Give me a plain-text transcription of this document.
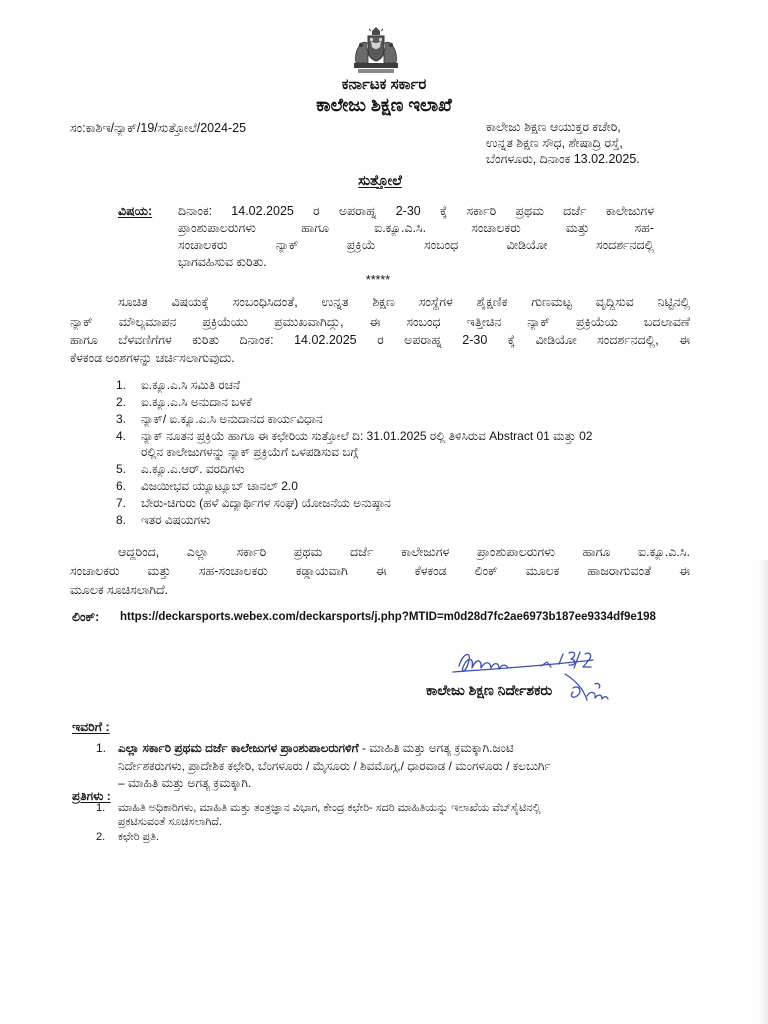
ಕರ್ನಾಟಕ ಸರ್ಕಾರ
ಕಾಲೇಜು ಶಿಕ್ಷಣ ಇಲಾಖೆ
ಸಂ:ಕಾಶಿಇ/ನ್ಯಾಕ್/19/ಸುತ್ತೋಲೆ/2024-25	ಕಾಲೇಜು ಶಿಕ್ಷಣ ಆಯುಕ್ತರ ಕಚೇರಿ,
ಉನ್ನತ ಶಿಕ್ಷಣ ಸೌಧ, ಶೇಷಾದ್ರಿ ರಸ್ತೆ,
ಬೆಂಗಳೂರು, ದಿನಾಂಕ 13.02.2025.
ಸುತ್ತೋಲೆ
ವಿಷಯ:	ದಿನಾಂಕ: 14.02.2025 ರ ಅಪರಾಹ್ನ 2-30 ಕ್ಕೆ ಸರ್ಕಾರಿ ಪ್ರಥಮ ದರ್ಜೆ ಕಾಲೇಜುಗಳ
ಪ್ರಾಂಶುಪಾಲರುಗಳು ಹಾಗೂ ಐ.ಕ್ಯೂ.ಎ.ಸಿ. ಸಂಚಾಲಕರು ಮತ್ತು ಸಹ-
ಸಂಚಾಲಕರು ನ್ಯಾಕ್ ಪ್ರಕ್ರಿಯೆ ಸಂಬಂಧ ವೀಡಿಯೋ ಸಂದರ್ಶನದಲ್ಲಿ
ಭಾಗವಹಿಸುವ ಕುರಿತು.
*****
ಸೂಚಿತ ವಿಷಯಕ್ಕೆ ಸಂಬಂಧಿಸಿದಂತೆ, ಉನ್ನತ ಶಿಕ್ಷಣ ಸಂಸ್ಥೆಗಳ ಶೈಕ್ಷಣಿಕ ಗುಣಮಟ್ಟ ವೃದ್ಧಿಸುವ ನಿಟ್ಟಿನಲ್ಲಿ
ನ್ಯಾಕ್ ಮೌಲ್ಯಮಾಪನ ಪ್ರಕ್ರಿಯೆಯು ಪ್ರಮುಖವಾಗಿದ್ದು, ಈ ಸಂಬಂಧ ಇತ್ತೀಚಿನ ನ್ಯಾಕ್ ಪ್ರಕ್ರಿಯೆಯ ಬದಲಾವಣೆ
ಹಾಗೂ ಬೆಳವಣಿಗೆಗಳ ಕುರಿತು ದಿನಾಂಕ: 14.02.2025 ರ ಅಪರಾಹ್ನ 2-30 ಕ್ಕೆ ವೀಡಿಯೋ ಸಂದರ್ಶನದಲ್ಲಿ, ಈ
ಕೆಳಕಂಡ ಅಂಶಗಳನ್ನು ಚರ್ಚಿಸಲಾಗುವುದು.
1.	ಐ.ಕ್ಯೂ.ಎ.ಸಿ ಸಮಿತಿ ರಚನೆ
2.	ಐ.ಕ್ಯೂ.ಎ.ಸಿ ಅನುದಾನ ಬಳಕೆ
3.	ನ್ಯಾಕ್/ ಐ.ಕ್ಯೂ.ಎ.ಸಿ ಅನುದಾನದ ಕಾರ್ಯವಿಧಾನ
4.	ನ್ಯಾಕ್ ನೂತನ ಪ್ರಕ್ರಿಯೆ ಹಾಗೂ ಈ ಕಛೇರಿಯ ಸುತ್ತೋಲೆ ದಿ: 31.01.2025 ರಲ್ಲಿ ತಿಳಿಸಿರುವ Abstract 01 ಮತ್ತು 02
ರಲ್ಲಿನ ಕಾಲೇಜುಗಳನ್ನು ನ್ಯಾಕ್ ಪ್ರಕ್ರಿಯೆಗೆ ಒಳಪಡಿಸುವ ಬಗ್ಗೆ
5.	ಎ.ಕ್ಯೂ.ಎ.ಆರ್. ವರದಿಗಳು
6.	ವಿಜಯೀಭವ ಯ್ಯೂಟ್ಯೂಬ್ ಚಾನಲ್ 2.0
7.	ಬೇರು-ಚಿಗುರು (ಹಳೆ ವಿದ್ಯಾರ್ಥಿಗಳ ಸಂಘ) ಯೋಜನೆಯ ಅನುಷ್ಠಾನ
8.	ಇತರ ವಿಷಯಗಳು
ಆದ್ದರಿಂದ, ಎಲ್ಲಾ ಸರ್ಕಾರಿ ಪ್ರಥಮ ದರ್ಜೆ ಕಾಲೇಜುಗಳ ಪ್ರಾಂಶುಪಾಲರುಗಳು ಹಾಗೂ ಐ.ಕ್ಯೂ.ಎ.ಸಿ.
ಸಂಚಾಲಕರು ಮತ್ತು ಸಹ-ಸಂಚಾಲಕರು ಕಡ್ಡಾಯವಾಗಿ ಈ ಕೆಳಕಂಡ ಲಿಂಕ್ ಮೂಲಕ ಹಾಜರಾಗುವಂತೆ ಈ
ಮೂಲಕ ಸೂಚಿಸಲಾಗಿದೆ.
ಲಿಂಕ್:	https://deckarsports.webex.com/deckarsports/j.php?MTID=m0d28d7fc2ae6973b187ee9334df9e198
ಕಾಲೇಜು ಶಿಕ್ಷಣ ನಿರ್ದೇಶಕರು
ಇವರಿಗೆ :
1. ಎಲ್ಲಾ ಸರ್ಕಾರಿ ಪ್ರಥಮ ದರ್ಜೆ ಕಾಲೇಜುಗಳ ಪ್ರಾಂಶುಪಾಲರುಗಳಿಗೆ - ಮಾಹಿತಿ ಮತ್ತು ಅಗತ್ಯ ಕ್ರಮಕ್ಕಾಗಿ.ಜಂಟಿ
ನಿರ್ದೇಶಕರುಗಳು, ಪ್ರಾದೇಶಿಕ ಕಛೇರಿ, ಬೆಂಗಳೂರು / ಮೈಸೂರು / ಶಿವಮೊಗ್ಗ,/ ಧಾರವಾಡ / ಮಂಗಳೂರು / ಕಲಬುರ್ಗಿ
– ಮಾಹಿತಿ ಮತ್ತು ಅಗತ್ಯ ಕ್ರಮಕ್ಕಾಗಿ.
ಪ್ರತಿಗಳು :
1.	ಮಾಹಿತಿ ಅಧಿಕಾರಿಗಳು, ಮಾಹಿತಿ ಮತ್ತು ತಂತ್ರಜ್ಞಾನ ವಿಭಾಗ, ಕೇಂದ್ರ ಕಛೇರಿ- ಸದರಿ ಮಾಹಿತಿಯನ್ನು ಇಲಾಖೆಯ ವೆಬ್‌ಸೈಟಿನಲ್ಲಿ
ಪ್ರಕಟಿಸುವಂತೆ ಸೂಚಿಸಲಾಗಿದೆ.
2.	ಕಛೇರಿ ಪ್ರತಿ.
